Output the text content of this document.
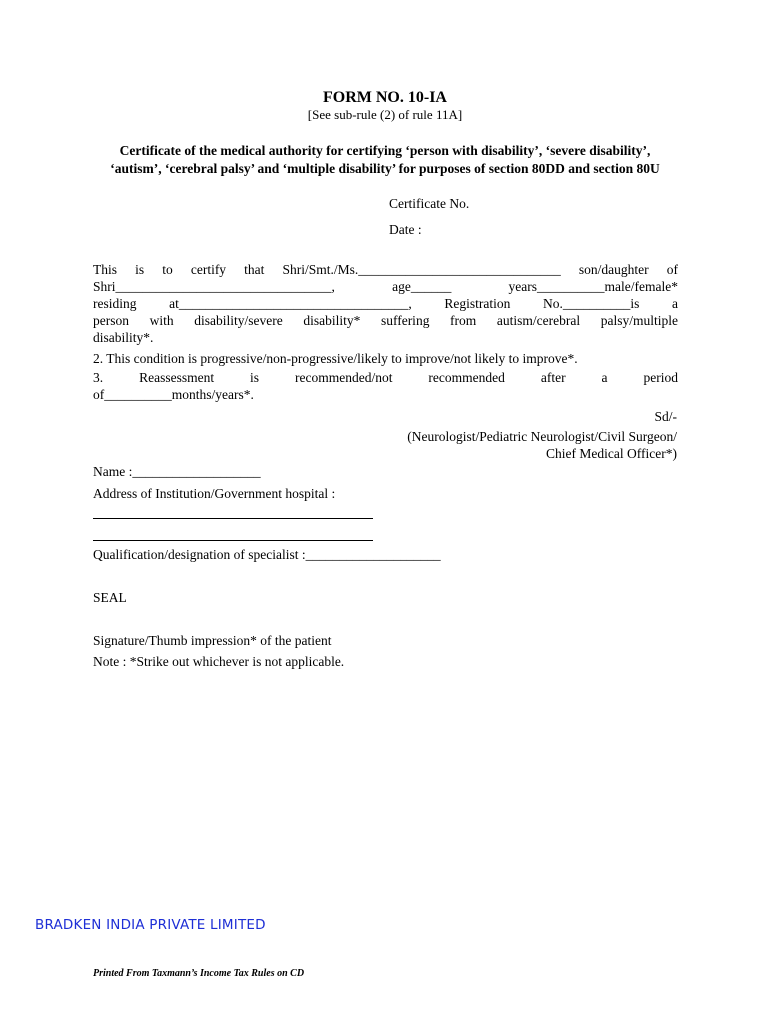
FORM NO. 10-IA
[See sub-rule (2) of rule 11A]
Certificate of the medical authority for certifying ‘person with disability’, ‘severe disability’, ‘autism’, ‘cerebral palsy’ and ‘multiple disability’ for purposes of section 80DD and section 80U
Certificate No.
Date :
This is to certify that Shri/Smt./Ms.______________________________ son/daughter of
Shri________________________________, age______ years__________male/female*
residing at__________________________________, Registration No.__________is a
person with disability/severe disability* suffering from autism/cerebral palsy/multiple
disability*.
2. This condition is progressive/non-progressive/likely to improve/not likely to improve*.
3. Reassessment is recommended/not recommended after a period
of__________months/years*.
Sd/-
(Neurologist/Pediatric Neurologist/Civil Surgeon/
Chief Medical Officer*)
Name :___________________
Address of Institution/Government hospital :
Qualification/designation of specialist :____________________
SEAL
Signature/Thumb impression* of the patient
Note : *Strike out whichever is not applicable.
BRADKEN INDIA PRIVATE LIMITED
Printed From Taxmann’s Income Tax Rules on CD
